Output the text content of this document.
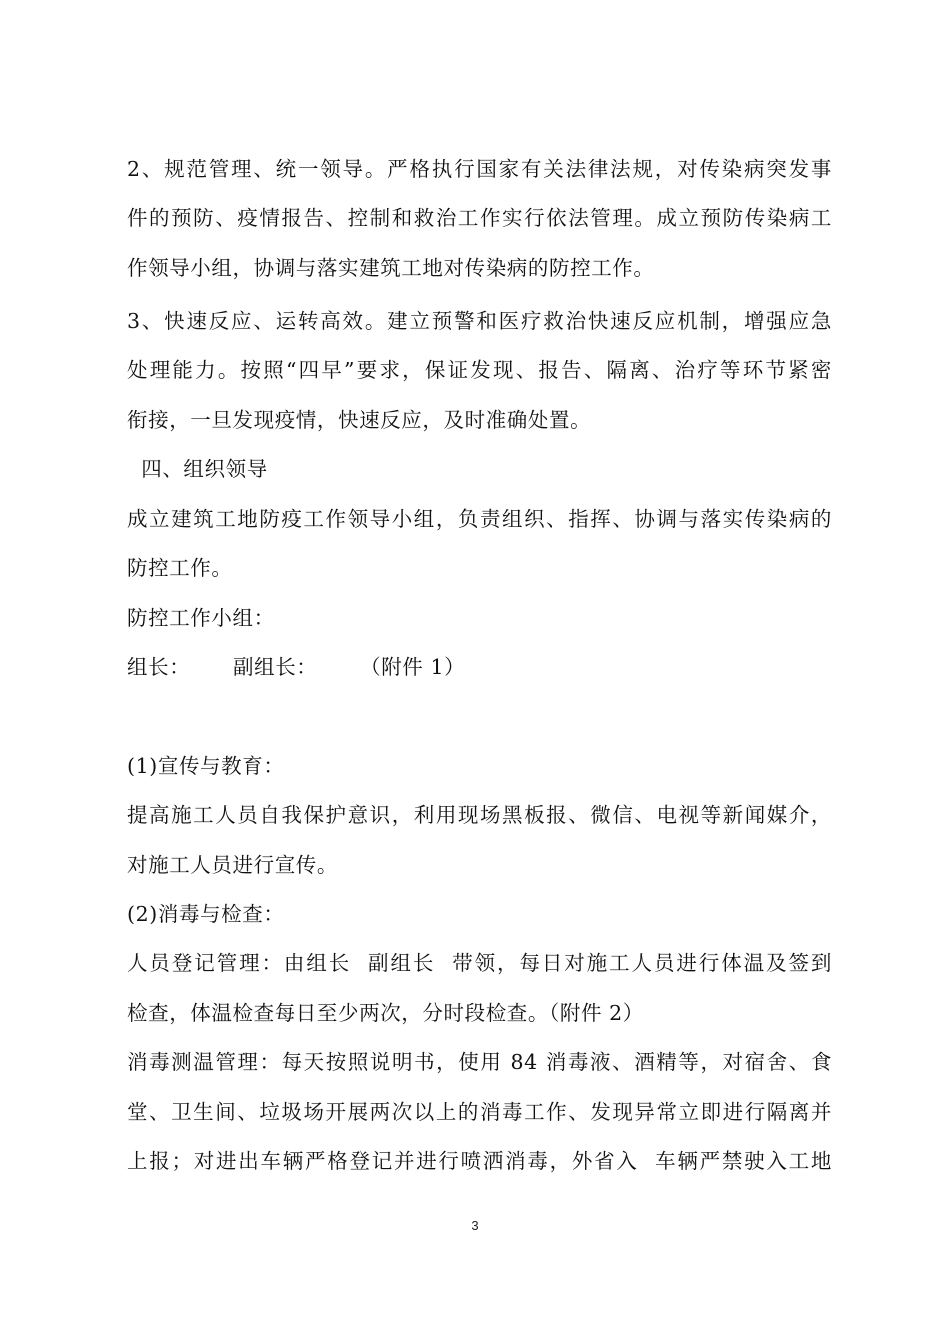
2、规范管理、统一领导。严格执行国家有关法律法规，对传染病突发事
件的预防、疫情报告、控制和救治工作实行依法管理。成立预防传染病工
作领导小组，协调与落实建筑工地对传染病的防控工作。
3、快速反应、运转高效。建立预警和医疗救治快速反应机制，增强应急
处理能力。按照“四早”要求，保证发现、报告、隔离、治疗等环节紧密
衔接，一旦发现疫情，快速反应，及时准确处置。
四、组织领导
成立建筑工地防疫工作领导小组，负责组织、指挥、协调与落实传染病的
防控工作。
防控工作小组：
组长：      副组长：      （附件 1）
(1)宣传与教育：
提高施工人员自我保护意识，利用现场黑板报、微信、电视等新闻媒介，
对施工人员进行宣传。
(2)消毒与检查：
人员登记管理：由组长  副组长  带领，每日对施工人员进行体温及签到
检查，体温检查每日至少两次，分时段检查。（附件 2）
消毒测温管理：每天按照说明书，使用 84 消毒液、酒精等，对宿舍、食
堂、卫生间、垃圾场开展两次以上的消毒工作、发现异常立即进行隔离并
上报；对进出车辆严格登记并进行喷洒消毒，外省入  车辆严禁驶入工地
3
